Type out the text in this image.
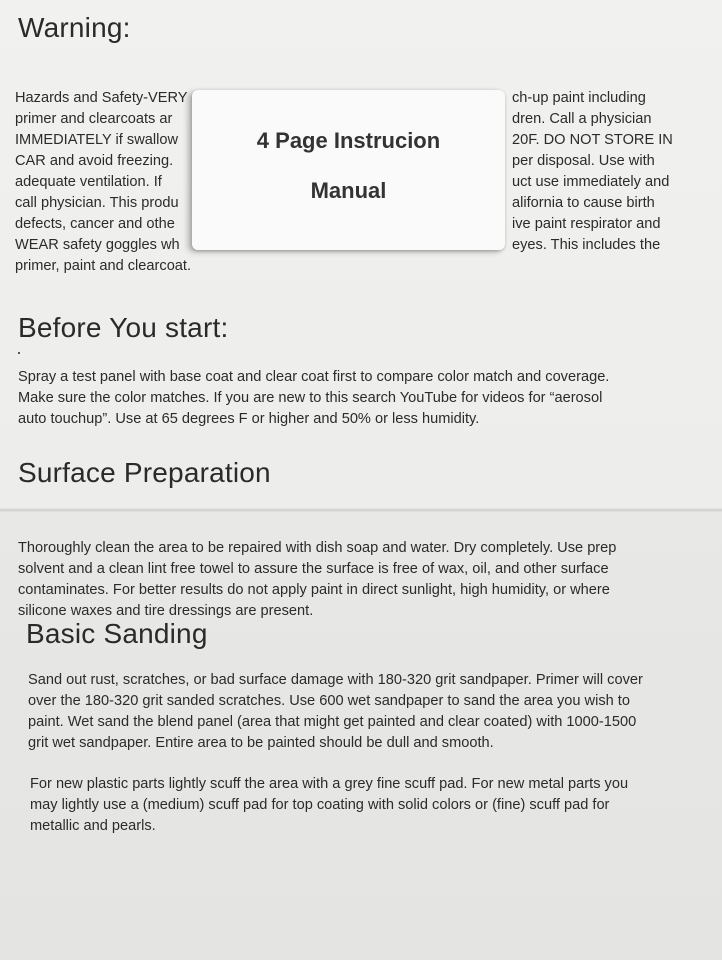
Warning:
Hazards and Safety-VERY	ch-up paint including
primer and clearcoats ar	dren. Call a physician
IMMEDIATELY if swallow	20F. DO NOT STORE IN
CAR and avoid freezing.	per disposal. Use with
adequate ventilation. If	uct use immediately and
call physician. This produ	alifornia to cause birth
defects, cancer and othe	ive paint respirator and
WEAR safety goggles wh	eyes. This includes the
primer, paint and clearcoat.
4 Page Instrucion
Manual
Before You start:
Spray a test panel with base coat and clear coat first to compare color match and coverage.
Make sure the color matches. If you are new to this search YouTube for videos for “aerosol
auto touchup”. Use at 65 degrees F or higher and 50% or less humidity.
Surface Preparation
Thoroughly clean the area to be repaired with dish soap and water. Dry completely. Use prep
solvent and a clean lint free towel to assure the surface is free of wax, oil, and other surface
contaminates. For better results do not apply paint in direct sunlight, high humidity, or where
silicone waxes and tire dressings are present.
Basic Sanding
Sand out rust, scratches, or bad surface damage with 180-320 grit sandpaper. Primer will cover
over the 180-320 grit sanded scratches. Use 600 wet sandpaper to sand the area you wish to
paint. Wet sand the blend panel (area that might get painted and clear coated) with 1000-1500
grit wet sandpaper. Entire area to be painted should be dull and smooth.
For new plastic parts lightly scuff the area with a grey fine scuff pad. For new metal parts you
may lightly use a (medium) scuff pad for top coating with solid colors or (fine) scuff pad for
metallic and pearls.
